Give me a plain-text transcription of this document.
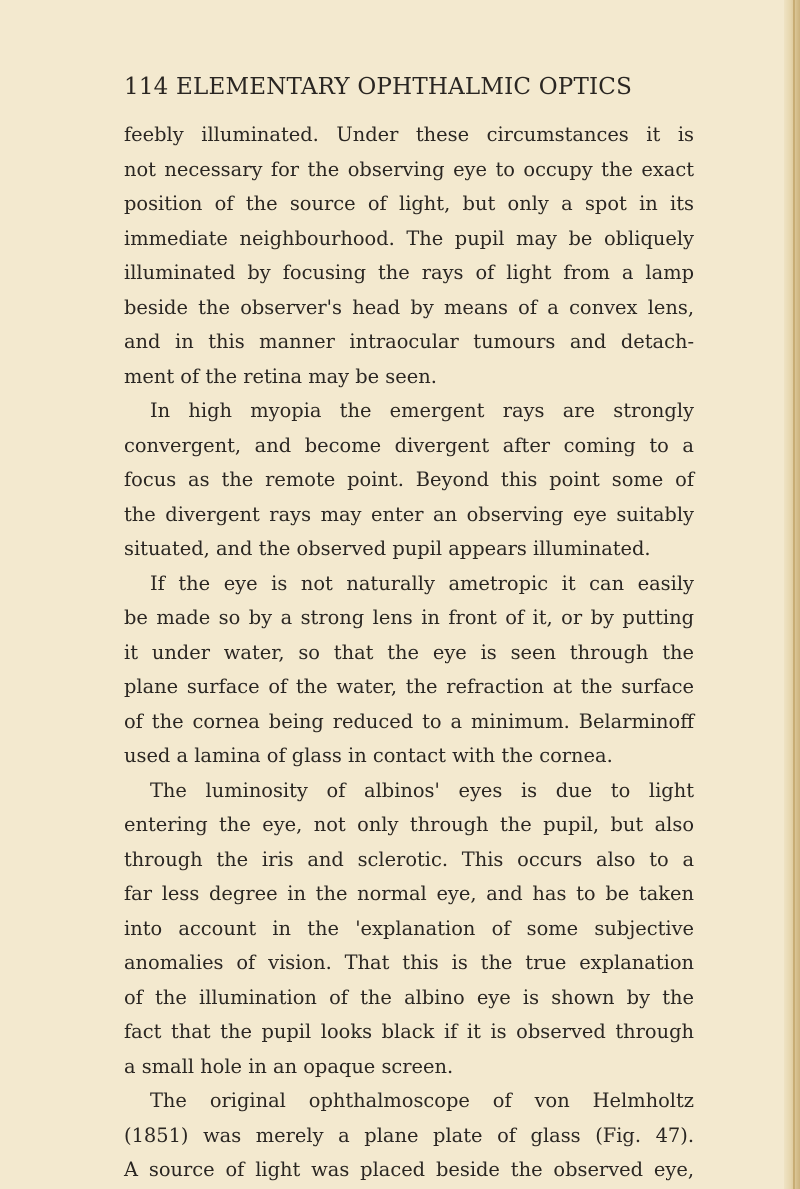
114 ELEMENTARY OPHTHALMIC OPTICS
feebly illuminated. Under these circumstances it is
not necessary for the observing eye to occupy the exact
position of the source of light, but only a spot in its
immediate neighbourhood. The pupil may be obliquely
illuminated by focusing the rays of light from a lamp
beside the observer's head by means of a convex lens,
and in this manner intraocular tumours and detach-
ment of the retina may be seen.
In high myopia the emergent rays are strongly
convergent, and become divergent after coming to a
focus as the remote point. Beyond this point some of
the divergent rays may enter an observing eye suitably
situated, and the observed pupil appears illuminated.
If the eye is not naturally ametropic it can easily
be made so by a strong lens in front of it, or by putting
it under water, so that the eye is seen through the
plane surface of the water, the refraction at the surface
of the cornea being reduced to a minimum. Belarminoff
used a lamina of glass in contact with the cornea.
The luminosity of albinos' eyes is due to light
entering the eye, not only through the pupil, but also
through the iris and sclerotic. This occurs also to a
far less degree in the normal eye, and has to be taken
into account in the 'explanation of some subjective
anomalies of vision. That this is the true explanation
of the illumination of the albino eye is shown by the
fact that the pupil looks black if it is observed through
a small hole in an opaque screen.
The original ophthalmoscope of von Helmholtz
(1851) was merely a plane plate of glass (Fig. 47).
A source of light was placed beside the observed eye,
